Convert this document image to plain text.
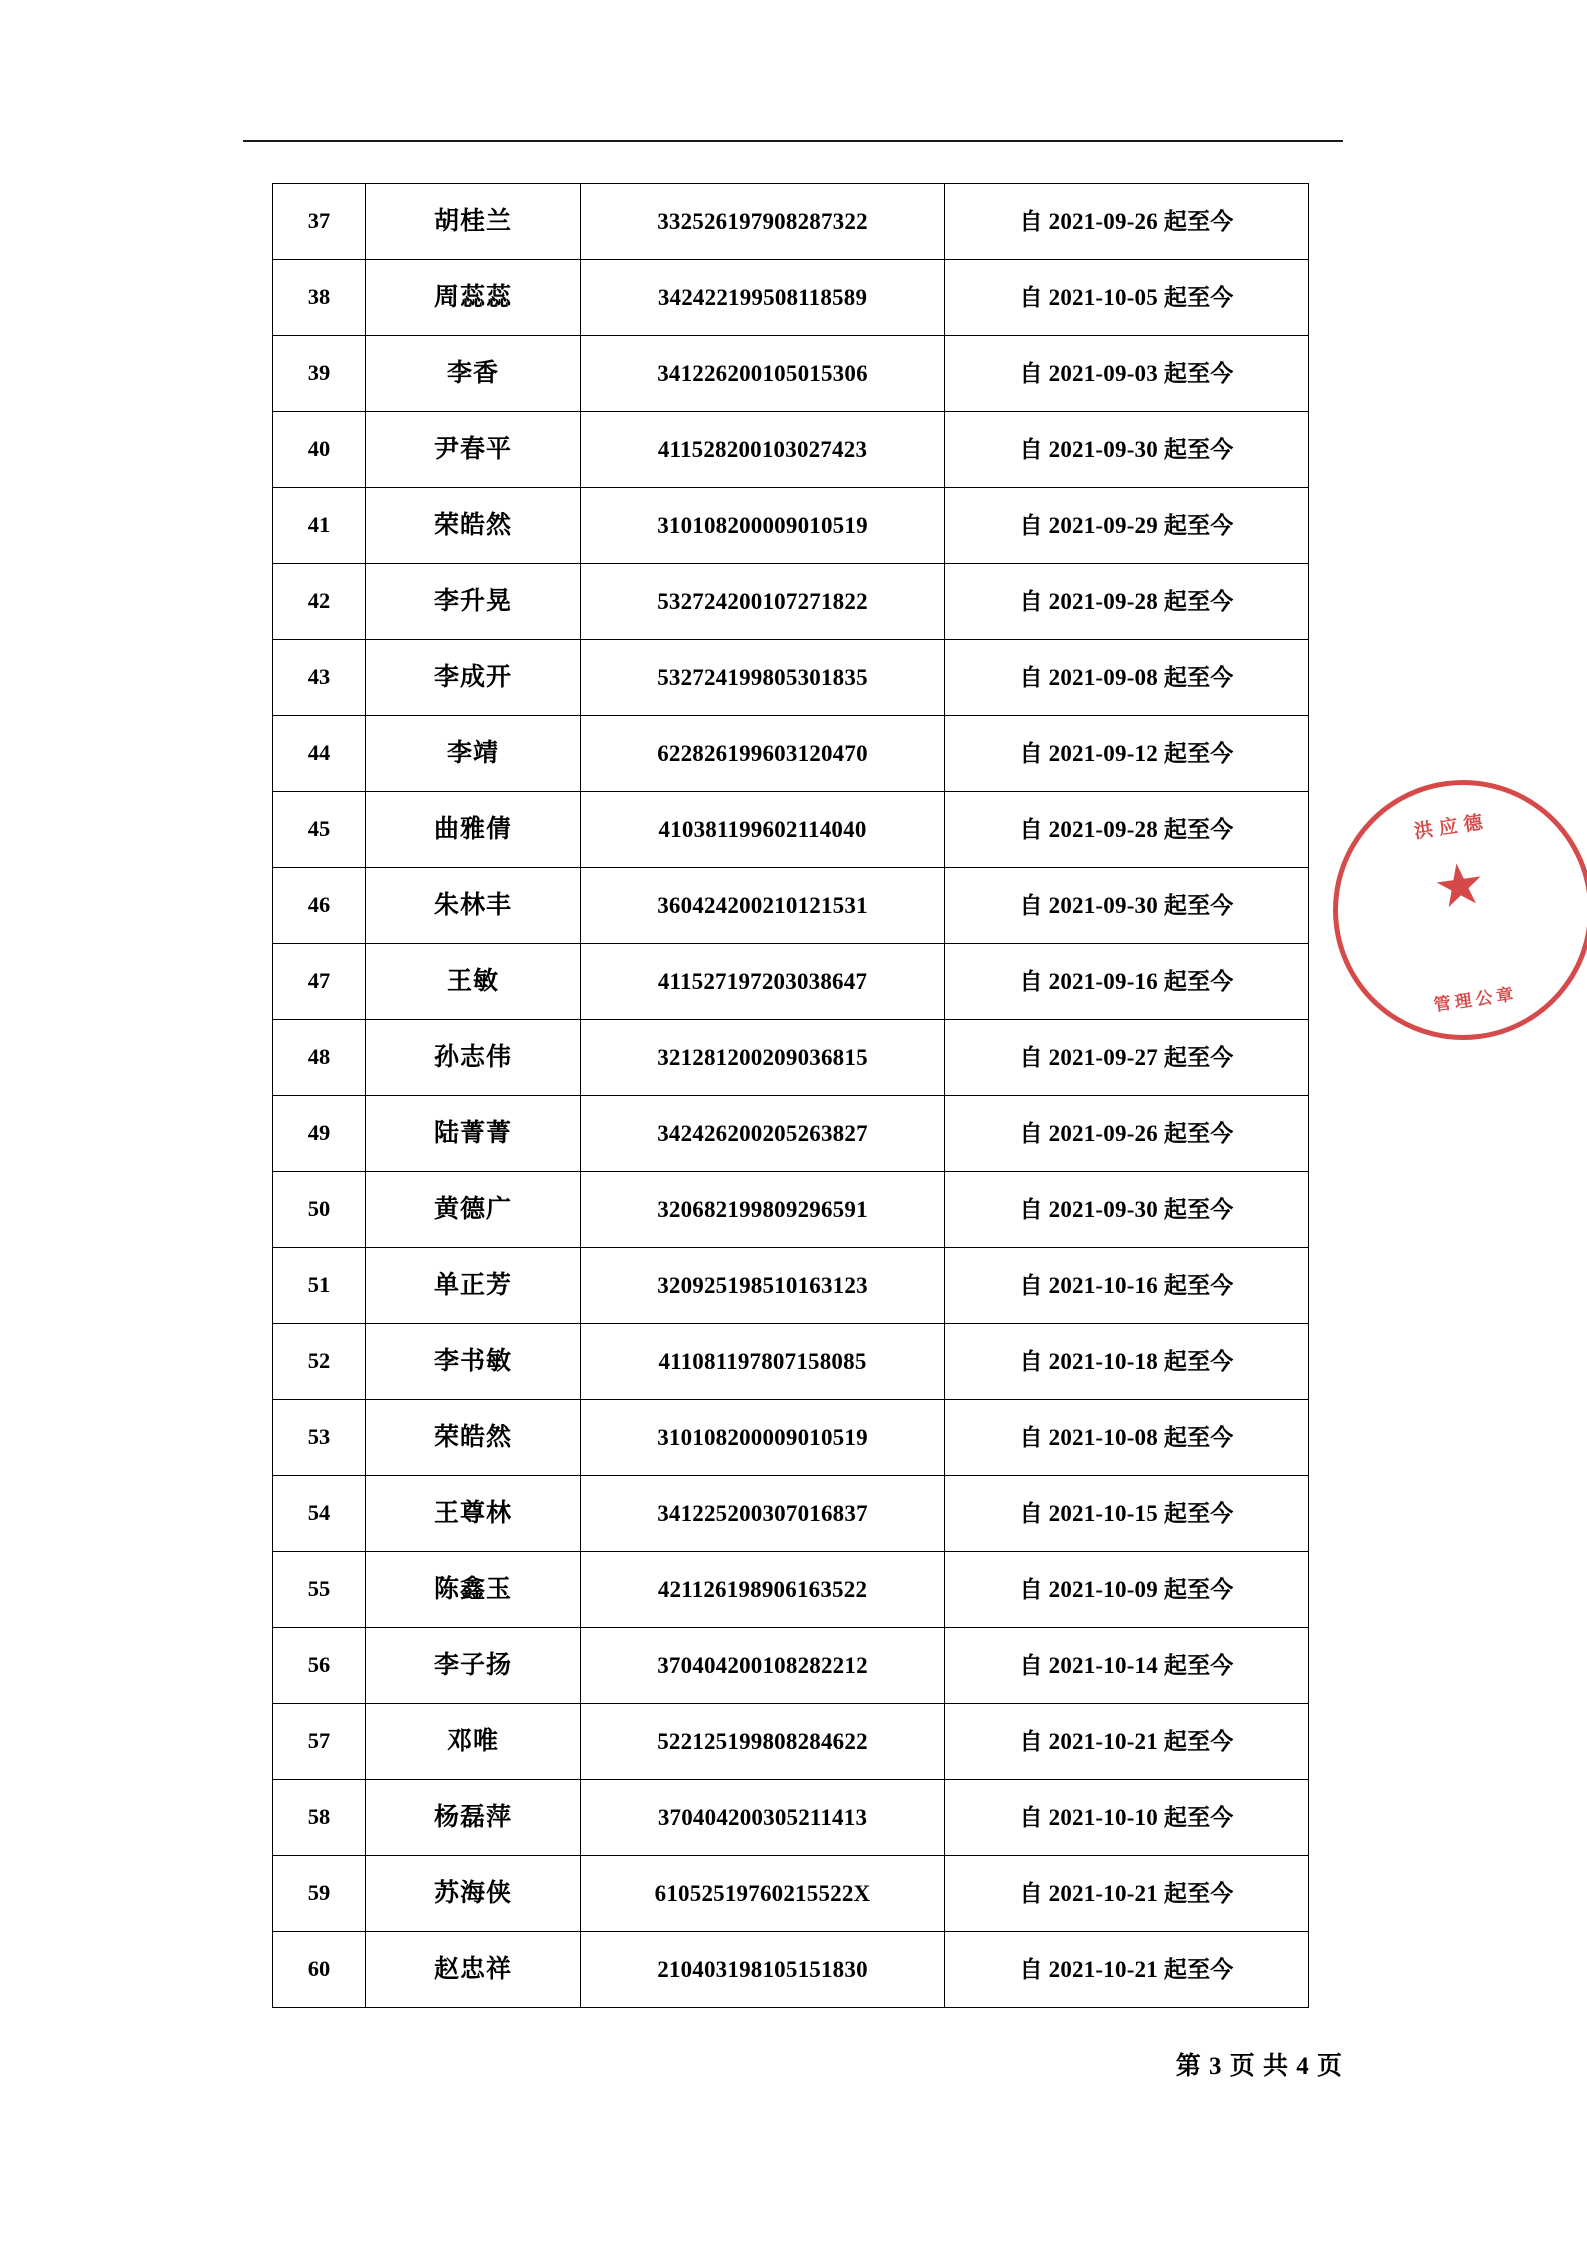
37	胡桂兰	332526197908287322	自 2021-09-26 起至今
38	周蕊蕊	342422199508118589	自 2021-10-05 起至今
39	李香	341226200105015306	自 2021-09-03 起至今
40	尹春平	411528200103027423	自 2021-09-30 起至今
41	荣皓然	310108200009010519	自 2021-09-29 起至今
42	李升晃	532724200107271822	自 2021-09-28 起至今
43	李成开	532724199805301835	自 2021-09-08 起至今
44	李靖	622826199603120470	自 2021-09-12 起至今
45	曲雅倩	410381199602114040	自 2021-09-28 起至今
46	朱林丰	360424200210121531	自 2021-09-30 起至今
47	王敏	411527197203038647	自 2021-09-16 起至今
48	孙志伟	321281200209036815	自 2021-09-27 起至今
49	陆菁菁	342426200205263827	自 2021-09-26 起至今
50	黄德广	320682199809296591	自 2021-09-30 起至今
51	单正芳	320925198510163123	自 2021-10-16 起至今
52	李书敏	411081197807158085	自 2021-10-18 起至今
53	荣皓然	310108200009010519	自 2021-10-08 起至今
54	王尊林	341225200307016837	自 2021-10-15 起至今
55	陈鑫玉	421126198906163522	自 2021-10-09 起至今
56	李子扬	370404200108282212	自 2021-10-14 起至今
57	邓唯	522125199808284622	自 2021-10-21 起至今
58	杨磊萍	370404200305211413	自 2021-10-10 起至今
59	苏海侠	61052519760215522X	自 2021-10-21 起至今
60	赵忠祥	210403198105151830	自 2021-10-21 起至今
洪应德
★
管理公章
第 3 页 共 4 页
